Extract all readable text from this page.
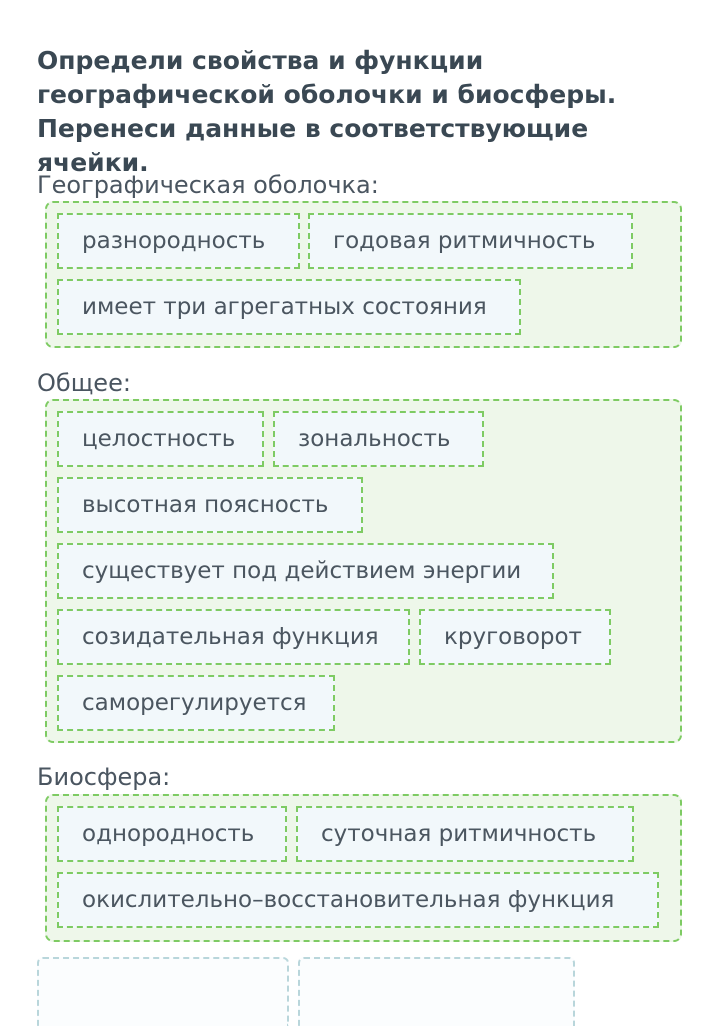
Определи свойства и функции географической оболочки и биосферы. Перенеси данные в соответствующие ячейки.
Географическая оболочка:
разнородность	годовая ритмичность
имеет три агрегатных состояния
Общее:
целостность	зональность
высотная поясность
существует под действием энергии
созидательная функция	круговорот
саморегулируется
Биосфера:
однородность	суточная ритмичность
окислительно–восстановительная функция
